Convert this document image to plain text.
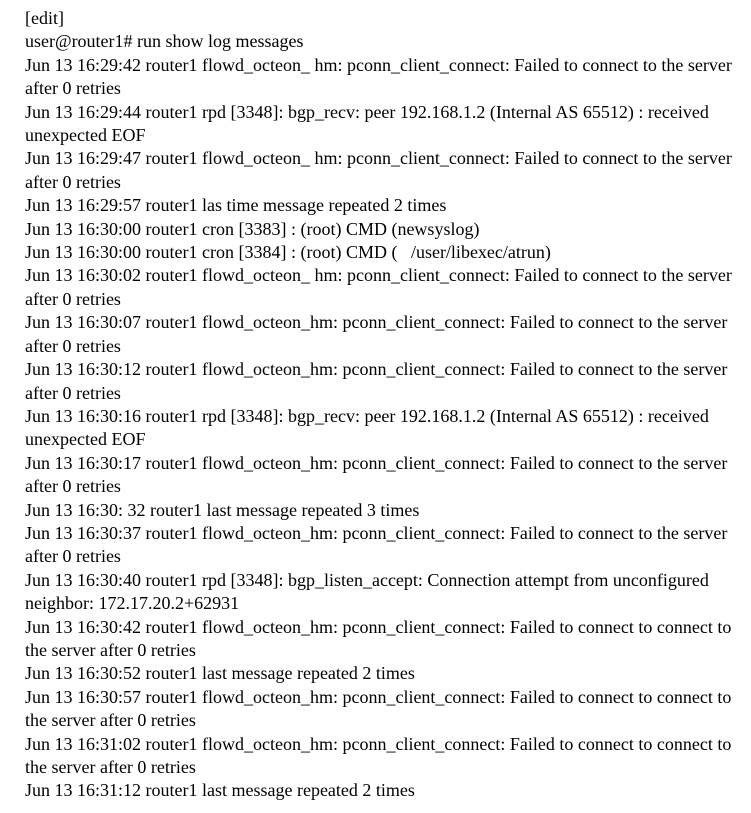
[edit]
user@router1# run show log messages
Jun 13 16:29:42 router1 flowd_octeon_ hm: pconn_client_connect: Failed to connect to the server
after 0 retries
Jun 13 16:29:44 router1 rpd [3348]: bgp_recv: peer 192.168.1.2 (Internal AS 65512) : received
unexpected EOF
Jun 13 16:29:47 router1 flowd_octeon_ hm: pconn_client_connect: Failed to connect to the server
after 0 retries
Jun 13 16:29:57 router1 las time message repeated 2 times
Jun 13 16:30:00 router1 cron [3383] : (root) CMD (newsyslog)
Jun 13 16:30:00 router1 cron [3384] : (root) CMD (   /user/libexec/atrun)
Jun 13 16:30:02 router1 flowd_octeon_ hm: pconn_client_connect: Failed to connect to the server
after 0 retries
Jun 13 16:30:07 router1 flowd_octeon_hm: pconn_client_connect: Failed to connect to the server
after 0 retries
Jun 13 16:30:12 router1 flowd_octeon_hm: pconn_client_connect: Failed to connect to the server
after 0 retries
Jun 13 16:30:16 router1 rpd [3348]: bgp_recv: peer 192.168.1.2 (Internal AS 65512) : received
unexpected EOF
Jun 13 16:30:17 router1 flowd_octeon_hm: pconn_client_connect: Failed to connect to the server
after 0 retries
Jun 13 16:30: 32 router1 last message repeated 3 times
Jun 13 16:30:37 router1 flowd_octeon_hm: pconn_client_connect: Failed to connect to the server
after 0 retries
Jun 13 16:30:40 router1 rpd [3348]: bgp_listen_accept: Connection attempt from unconfigured
neighbor: 172.17.20.2+62931
Jun 13 16:30:42 router1 flowd_octeon_hm: pconn_client_connect: Failed to connect to connect to
the server after 0 retries
Jun 13 16:30:52 router1 last message repeated 2 times
Jun 13 16:30:57 router1 flowd_octeon_hm: pconn_client_connect: Failed to connect to connect to
the server after 0 retries
Jun 13 16:31:02 router1 flowd_octeon_hm: pconn_client_connect: Failed to connect to connect to
the server after 0 retries
Jun 13 16:31:12 router1 last message repeated 2 times
